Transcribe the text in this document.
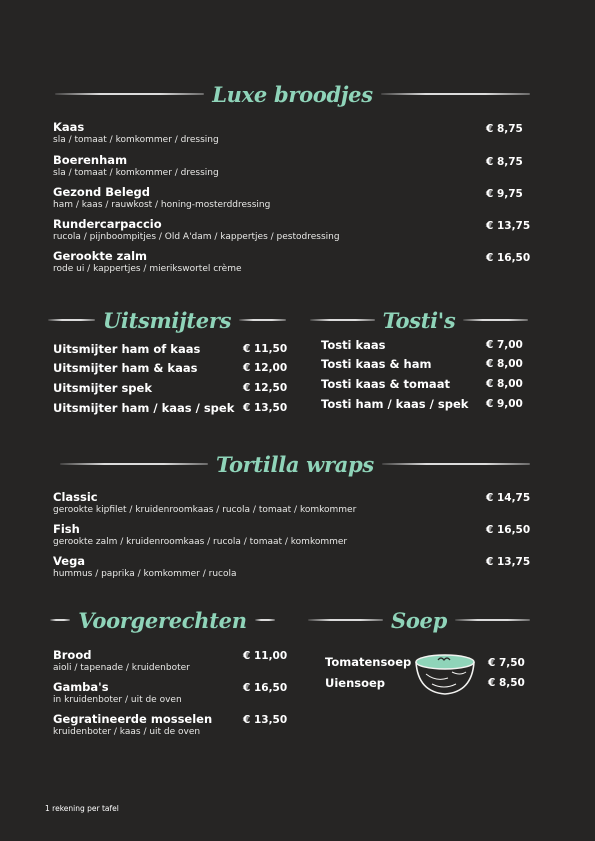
Luxe broodjes
Kaas
sla / tomaat / komkommer / dressing
€ 8,75
Boerenham
sla / tomaat / komkommer / dressing
€ 8,75
Gezond Belegd
ham / kaas / rauwkost / honing-mosterddressing
€ 9,75
Rundercarpaccio
rucola / pijnboompitjes / Old A'dam / kappertjes / pestodressing
€ 13,75
Gerookte zalm
rode ui / kappertjes / mierikswortel crème
€ 16,50
Uitsmijters
Uitsmijter ham of kaas	€ 11,50
Uitsmijter ham & kaas	€ 12,00
Uitsmijter spek	€ 12,50
Uitsmijter ham / kaas / spek € 13,50
Tosti's
Tosti kaas	€ 7,00
Tosti kaas & ham	€ 8,00
Tosti kaas & tomaat	€ 8,00
Tosti ham / kaas / spek € 9,00
Tortilla wraps
Classic
gerookte kipfilet / kruidenroomkaas / rucola / tomaat / komkommer
€ 14,75
Fish
gerookte zalm / kruidenroomkaas / rucola / tomaat / komkommer
€ 16,50
Vega
hummus / paprika / komkommer / rucola
€ 13,75
Voorgerechten
Brood
aioli / tapenade / kruidenboter
€ 11,00
Gamba's
in kruidenboter / uit de oven
€ 16,50
Gegratineerde mosselen
kruidenboter / kaas / uit de oven
€ 13,50
Soep
Tomatensoep	€ 7,50
Uiensoep	€ 8,50
1 rekening per tafel
